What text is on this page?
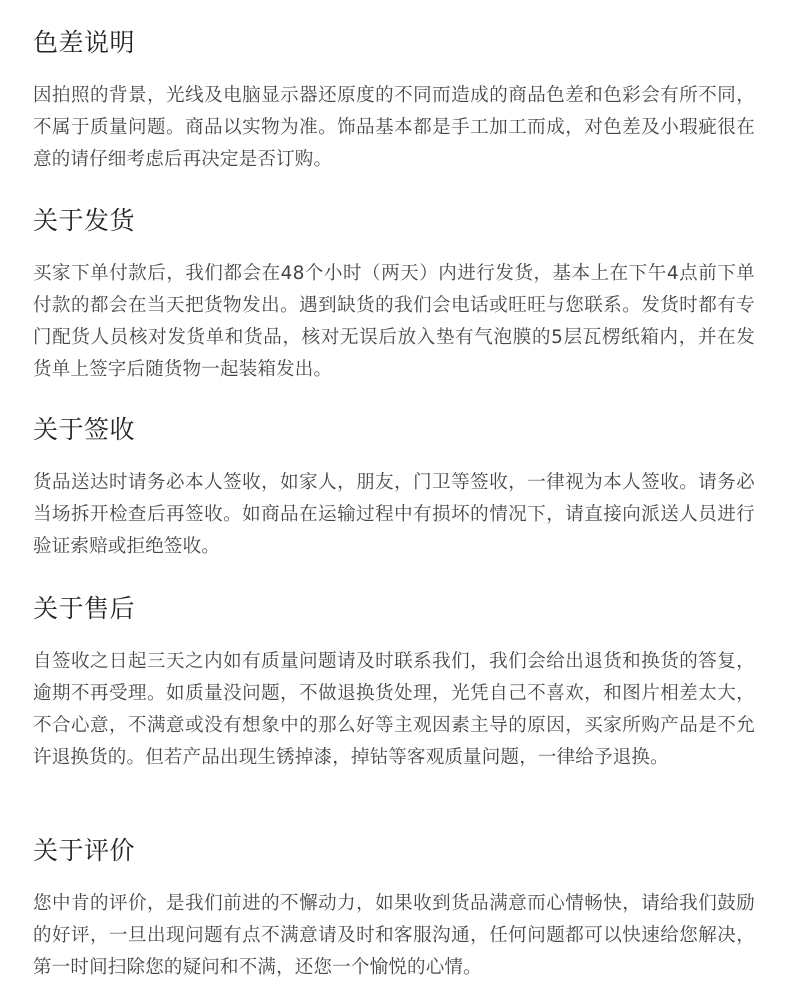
色差说明

因拍照的背景，光线及电脑显示器还原度的不同而造成的商品色差和色彩会有所不同，不属于质量问题。商品以实物为准。饰品基本都是手工加工而成，对色差及小瑕疵很在意的请仔细考虑后再决定是否订购。

关于发货

买家下单付款后，我们都会在48个小时（两天）内进行发货，基本上在下午4点前下单付款的都会在当天把货物发出。遇到缺货的我们会电话或旺旺与您联系。发货时都有专门配货人员核对发货单和货品，核对无误后放入垫有气泡膜的5层瓦楞纸箱内，并在发货单上签字后随货物一起装箱发出。

关于签收

货品送达时请务必本人签收，如家人，朋友，门卫等签收，一律视为本人签收。请务必当场拆开检查后再签收。如商品在运输过程中有损坏的情况下，请直接向派送人员进行验证索赔或拒绝签收。

关于售后

自签收之日起三天之内如有质量问题请及时联系我们，我们会给出退货和换货的答复，逾期不再受理。如质量没问题，不做退换货处理，光凭自己不喜欢，和图片相差太大，不合心意，不满意或没有想象中的那么好等主观因素主导的原因，买家所购产品是不允许退换货的。但若产品出现生锈掉漆，掉钻等客观质量问题，一律给予退换。

关于评价

您中肯的评价，是我们前进的不懈动力，如果收到货品满意而心情畅快，请给我们鼓励的好评，一旦出现问题有点不满意请及时和客服沟通，任何问题都可以快速给您解决，第一时间扫除您的疑问和不满，还您一个愉悦的心情。
